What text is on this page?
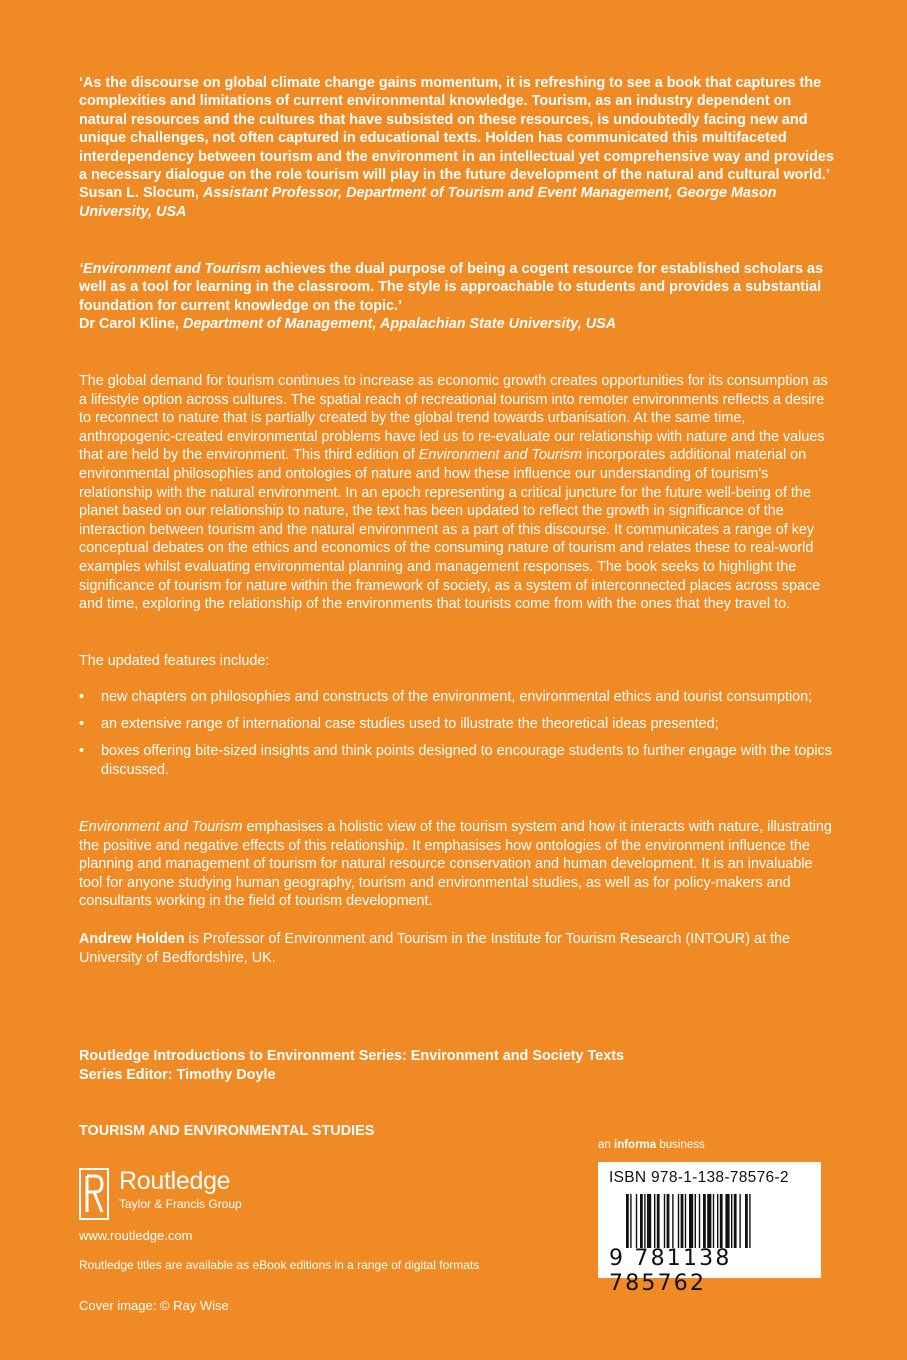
‘As the discourse on global climate change gains momentum, it is refreshing to see a book that captures the complexities and limitations of current environmental knowledge. Tourism, as an industry dependent on natural resources and the cultures that have subsisted on these resources, is undoubtedly facing new and unique challenges, not often captured in educational texts. Holden has communicated this multifaceted interdependency between tourism and the environment in an intellectual yet comprehensive way and provides a necessary dialogue on the role tourism will play in the future development of the natural and cultural world.’

Susan L. Slocum, Assistant Professor, Department of Tourism and Event Management, George Mason University, USA

‘Environment and Tourism achieves the dual purpose of being a cogent resource for established scholars as well as a tool for learning in the classroom. The style is approachable to students and provides a substantial foundation for current knowledge on the topic.’

Dr Carol Kline, Department of Management, Appalachian State University, USA

The global demand for tourism continues to increase as economic growth creates opportunities for its consumption as a lifestyle option across cultures. The spatial reach of recreational tourism into remoter environments reflects a desire to reconnect to nature that is partially created by the global trend towards urbanisation. At the same time, anthropogenic-created environmental problems have led us to re-evaluate our relationship with nature and the values that are held by the environment. This third edition of Environment and Tourism incorporates additional material on environmental philosophies and ontologies of nature and how these influence our understanding of tourism’s relationship with the natural environment. In an epoch representing a critical juncture for the future well-being of the planet based on our relationship to nature, the text has been updated to reflect the growth in significance of the interaction between tourism and the natural environment as a part of this discourse. It communicates a range of key conceptual debates on the ethics and economics of the consuming nature of tourism and relates these to real-world examples whilst evaluating environmental planning and management responses. The book seeks to highlight the significance of tourism for nature within the framework of society, as a system of interconnected places across space and time, exploring the relationship of the environments that tourists come from with the ones that they travel to.

The updated features include:
• new chapters on philosophies and constructs of the environment, environmental ethics and tourist consumption;
• an extensive range of international case studies used to illustrate the theoretical ideas presented;
• boxes offering bite-sized insights and think points designed to encourage students to further engage with the topics discussed.

Environment and Tourism emphasises a holistic view of the tourism system and how it interacts with nature, illustrating the positive and negative effects of this relationship. It emphasises how ontologies of the environment influence the planning and management of tourism for natural resource conservation and human development. It is an invaluable tool for anyone studying human geography, tourism and environmental studies, as well as for policy-makers and consultants working in the field of tourism development.

Andrew Holden is Professor of Environment and Tourism in the Institute for Tourism Research (INTOUR) at the University of Bedfordshire, UK.

Routledge Introductions to Environment Series: Environment and Society Texts
Series Editor: Timothy Doyle
TOURISM AND ENVIRONMENTAL STUDIES
Routledge
Taylor & Francis Group
www.routledge.com
Routledge titles are available as eBook editions in a range of digital formats
Cover image: © Ray Wise
an informa business
ISBN 978-1-138-78576-2
9 781138 785762
